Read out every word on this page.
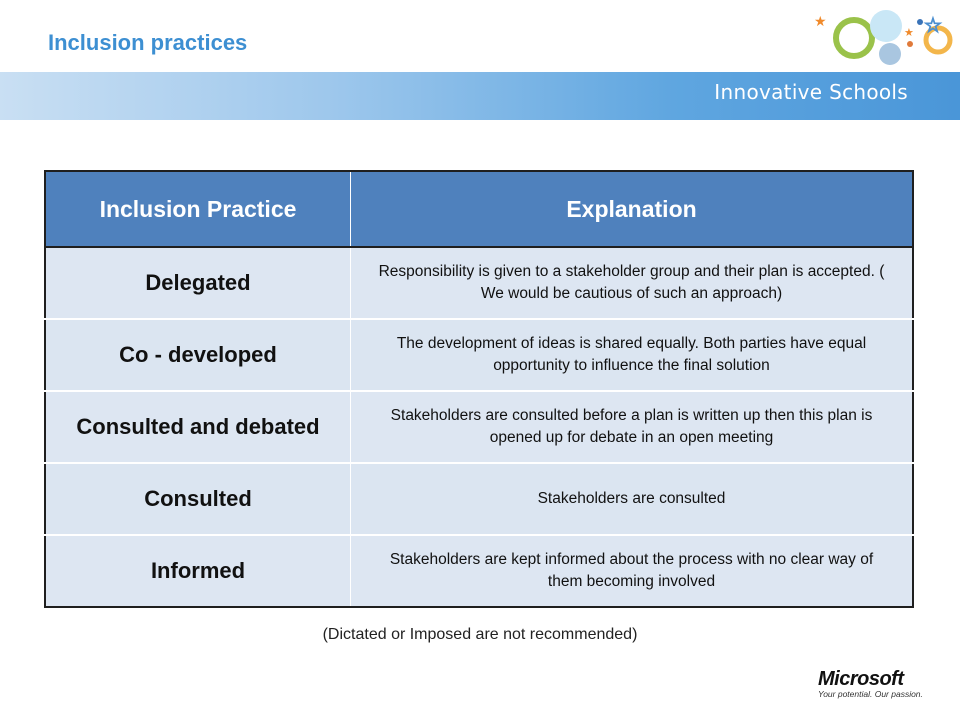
Inclusion practices
★
★ ☆
Innovative Schools
Inclusion Practice	Explanation
Delegated	Responsibility is given to a stakeholder group and their plan is accepted. ( We would be cautious of such an approach)
Co - developed	The development of ideas is shared equally. Both parties have equal opportunity to influence the final solution
Consulted and debated	Stakeholders are consulted before a plan is written up then this plan is opened up for debate in an open meeting
Consulted	Stakeholders are consulted
Informed	Stakeholders are kept informed about the process with no clear way of them becoming involved
(Dictated or Imposed are not recommended)
Microsoft
Your potential. Our passion.
